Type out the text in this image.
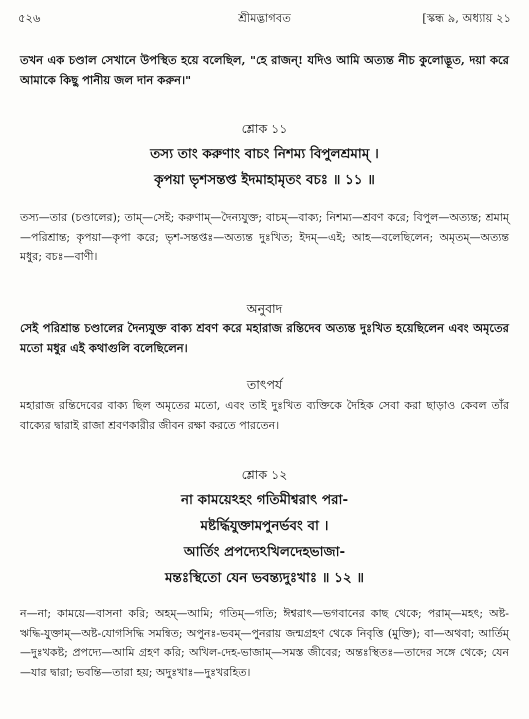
৫২৬	শ্রীমদ্ভাগবত	[স্কন্ধ ৯, অধ্যায় ২১
তখন এক চণ্ডাল সেখানে উপস্থিত হয়ে বলেছিল, "হে রাজন্! যদিও আমি অত্যন্ত নীচ কুলোদ্ভূত, দয়া করে আমাকে কিছু পানীয় জল দান করুন।"
শ্লোক ১১
তস্য তাং করুণাং বাচং নিশম্য বিপুলশ্রমাম্ ।
কৃপয়া ভৃশসন্তপ্ত ইদমাহামৃতং বচঃ ॥ ১১ ॥
তস্য—তার (চণ্ডালের); তাম্—সেই; করুণাম্—দৈন্যযুক্ত; বাচম্—বাক্য; নিশম্য—শ্রবণ করে; বিপুল—অত্যন্ত; শ্রমাম্—পরিশ্রান্ত; কৃপয়া—কৃপা করে; ভৃশ-সন্তপ্তঃ—অত্যন্ত দুঃখিত; ইদম্—এই; আহ—বলেছিলেন; অমৃতম্—অত্যন্ত মধুর; বচঃ—বাণী।
অনুবাদ
সেই পরিশ্রান্ত চণ্ডালের দৈন্যযুক্ত বাক্য শ্রবণ করে মহারাজ রন্তিদেব অত্যন্ত দুঃখিত হয়েছিলেন এবং অমৃতের মতো মধুর এই কথাগুলি বলেছিলেন।
তাৎপর্য
মহারাজ রন্তিদেবের বাক্য ছিল অমৃতের মতো, এবং তাই দুঃখিত ব্যক্তিকে দৈহিক সেবা করা ছাড়াও কেবল তাঁর বাক্যের দ্বারাই রাজা শ্রবণকারীর জীবন রক্ষা করতে পারতেন।
শ্লোক ১২
না কাময়েঽহং গতিমীশ্বরাৎ পরা-
মষ্টর্দ্ধিযুক্তামপুনর্ভবং বা ।
আর্তিং প্রপদ্যেঽখিলদেহভাজা-
মন্তঃস্থিতো যেন ভবন্ত্যদুঃখাঃ ॥ ১২ ॥
ন—না; কাময়ে—বাসনা করি; অহম্—আমি; গতিম্—গতি; ঈশ্বরাৎ—ভগবানের কাছ থেকে; পরাম্—মহৎ; অষ্ট-ঋদ্ধি-যুক্তাম্—অষ্ট-যোগসিদ্ধি সমন্বিত; অপুনঃ-ভবম্—পুনরায় জন্মগ্রহণ থেকে নিবৃত্তি (মুক্তি); বা—অথবা; আর্তিম্—দুঃখকষ্ট; প্রপদ্যে—আমি গ্রহণ করি; অখিল-দেহ-ভাজাম্—সমস্ত জীবের; অন্তঃস্থিতঃ—তাদের সঙ্গে থেকে; যেন—যার দ্বারা; ভবন্তি—তারা হয়; অদুঃখাঃ—দুঃখরহিত।
